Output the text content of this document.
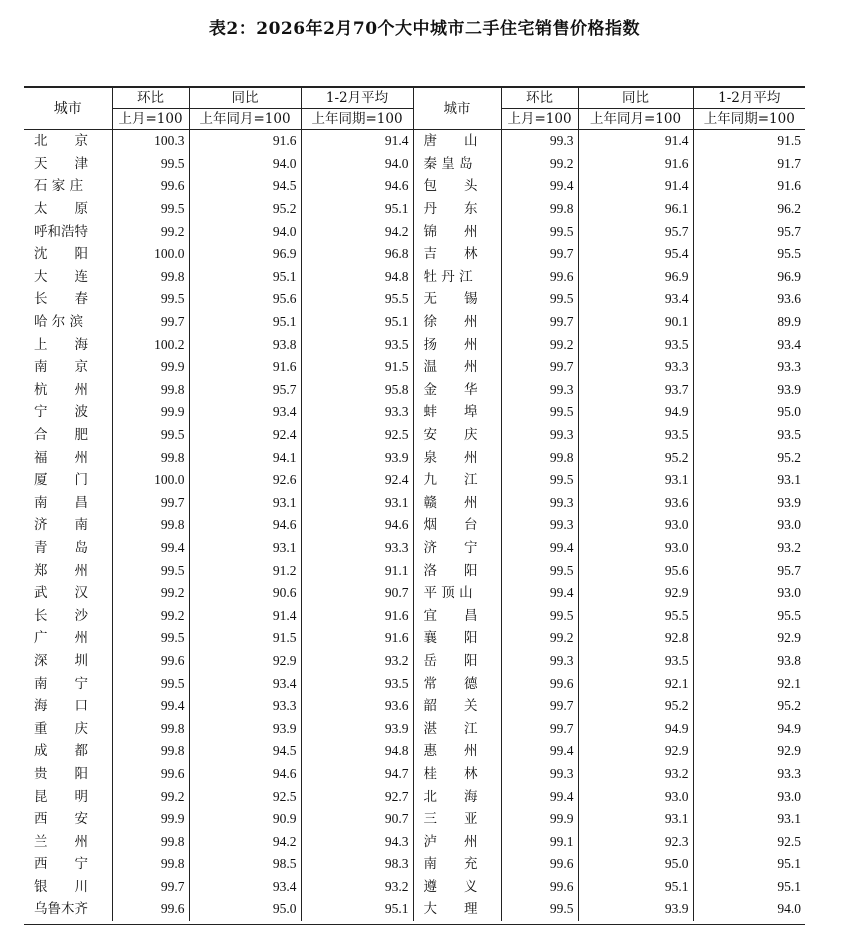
表2：2026年2月70个大中城市二手住宅销售价格指数
城市	环比	同比	1-2月平均	城市	环比	同比	1-2月平均
	上月=100	上年同月=100	上年同期=100		上月=100	上年同月=100	上年同期=100
北　　京	100.3	91.6	91.4	唐　　山	99.3	91.4	91.5
天　　津	99.5	94.0	94.0	秦 皇 岛	99.2	91.6	91.7
石 家 庄	99.6	94.5	94.6	包　　头	99.4	91.4	91.6
太　　原	99.5	95.2	95.1	丹　　东	99.8	96.1	96.2
呼和浩特	99.2	94.0	94.2	锦　　州	99.5	95.7	95.7
沈　　阳	100.0	96.9	96.8	吉　　林	99.7	95.4	95.5
大　　连	99.8	95.1	94.8	牡 丹 江	99.6	96.9	96.9
长　　春	99.5	95.6	95.5	无　　锡	99.5	93.4	93.6
哈 尔 滨	99.7	95.1	95.1	徐　　州	99.7	90.1	89.9
上　　海	100.2	93.8	93.5	扬　　州	99.2	93.5	93.4
南　　京	99.9	91.6	91.5	温　　州	99.7	93.3	93.3
杭　　州	99.8	95.7	95.8	金　　华	99.3	93.7	93.9
宁　　波	99.9	93.4	93.3	蚌　　埠	99.5	94.9	95.0
合　　肥	99.5	92.4	92.5	安　　庆	99.3	93.5	93.5
福　　州	99.8	94.1	93.9	泉　　州	99.8	95.2	95.2
厦　　门	100.0	92.6	92.4	九　　江	99.5	93.1	93.1
南　　昌	99.7	93.1	93.1	赣　　州	99.3	93.6	93.9
济　　南	99.8	94.6	94.6	烟　　台	99.3	93.0	93.0
青　　岛	99.4	93.1	93.3	济　　宁	99.4	93.0	93.2
郑　　州	99.5	91.2	91.1	洛　　阳	99.5	95.6	95.7
武　　汉	99.2	90.6	90.7	平 顶 山	99.4	92.9	93.0
长　　沙	99.2	91.4	91.6	宜　　昌	99.5	95.5	95.5
广　　州	99.5	91.5	91.6	襄　　阳	99.2	92.8	92.9
深　　圳	99.6	92.9	93.2	岳　　阳	99.3	93.5	93.8
南　　宁	99.5	93.4	93.5	常　　德	99.6	92.1	92.1
海　　口	99.4	93.3	93.6	韶　　关	99.7	95.2	95.2
重　　庆	99.8	93.9	93.9	湛　　江	99.7	94.9	94.9
成　　都	99.8	94.5	94.8	惠　　州	99.4	92.9	92.9
贵　　阳	99.6	94.6	94.7	桂　　林	99.3	93.2	93.3
昆　　明	99.2	92.5	92.7	北　　海	99.4	93.0	93.0
西　　安	99.9	90.9	90.7	三　　亚	99.9	93.1	93.1
兰　　州	99.8	94.2	94.3	泸　　州	99.1	92.3	92.5
西　　宁	99.8	98.5	98.3	南　　充	99.6	95.0	95.1
银　　川	99.7	93.4	93.2	遵　　义	99.6	95.1	95.1
乌鲁木齐	99.6	95.0	95.1	大　　理	99.5	93.9	94.0
